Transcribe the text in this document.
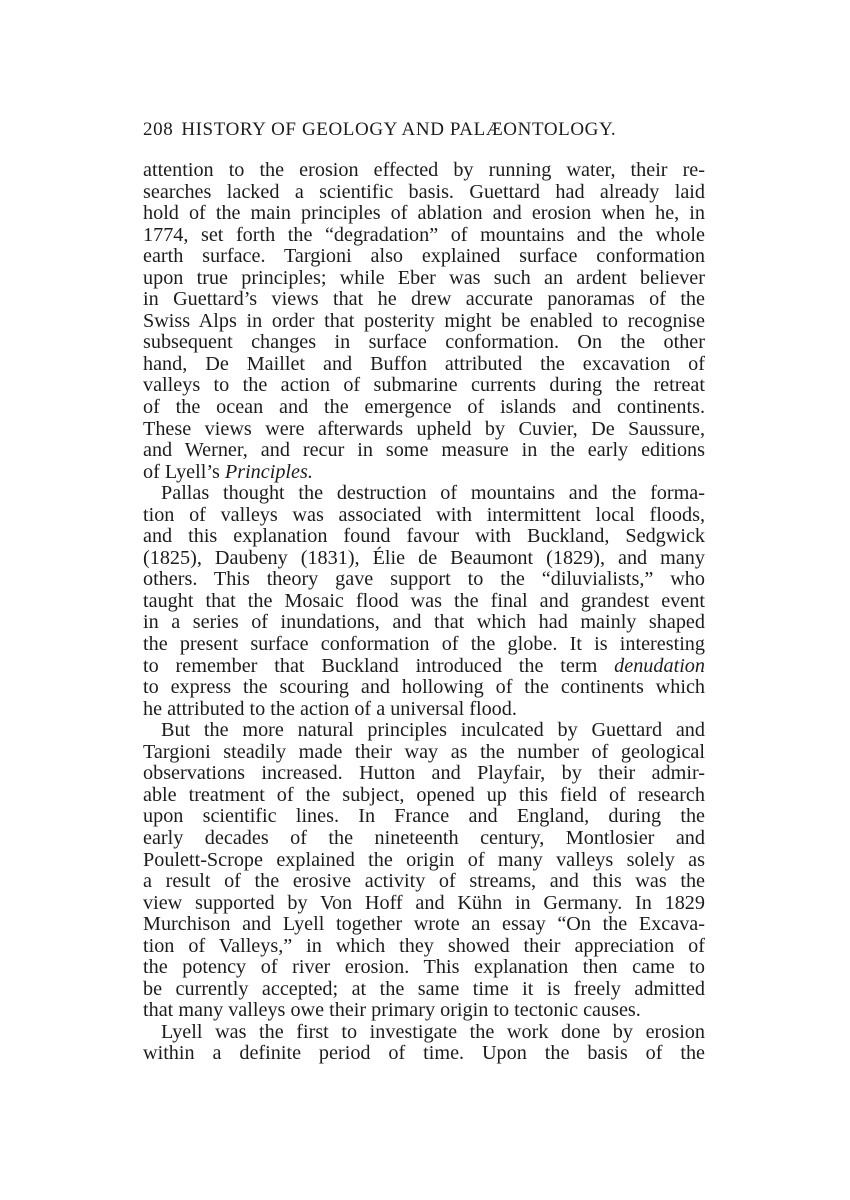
208 HISTORY OF GEOLOGY AND PALÆONTOLOGY.

attention to the erosion effected by running water, their re-
searches lacked a scientific basis. Guettard had already laid
hold of the main principles of ablation and erosion when he, in
1774, set forth the “degradation” of mountains and the whole
earth surface. Targioni also explained surface conformation
upon true principles; while Eber was such an ardent believer
in Guettard’s views that he drew accurate panoramas of the
Swiss Alps in order that posterity might be enabled to recognise
subsequent changes in surface conformation. On the other
hand, De Maillet and Buffon attributed the excavation of
valleys to the action of submarine currents during the retreat
of the ocean and the emergence of islands and continents.
These views were afterwards upheld by Cuvier, De Saussure,
and Werner, and recur in some measure in the early editions
of Lyell’s Principles.

Pallas thought the destruction of mountains and the forma-
tion of valleys was associated with intermittent local floods,
and this explanation found favour with Buckland, Sedgwick
(1825), Daubeny (1831), Élie de Beaumont (1829), and many
others. This theory gave support to the “diluvialists,” who
taught that the Mosaic flood was the final and grandest event
in a series of inundations, and that which had mainly shaped
the present surface conformation of the globe. It is interesting
to remember that Buckland introduced the term denudation
to express the scouring and hollowing of the continents which
he attributed to the action of a universal flood.

But the more natural principles inculcated by Guettard and
Targioni steadily made their way as the number of geological
observations increased. Hutton and Playfair, by their admir-
able treatment of the subject, opened up this field of research
upon scientific lines. In France and England, during the
early decades of the nineteenth century, Montlosier and
Poulett-Scrope explained the origin of many valleys solely as
a result of the erosive activity of streams, and this was the
view supported by Von Hoff and Kühn in Germany. In 1829
Murchison and Lyell together wrote an essay “On the Excava-
tion of Valleys,” in which they showed their appreciation of
the potency of river erosion. This explanation then came to
be currently accepted; at the same time it is freely admitted
that many valleys owe their primary origin to tectonic causes.

Lyell was the first to investigate the work done by erosion
within a definite period of time. Upon the basis of the
